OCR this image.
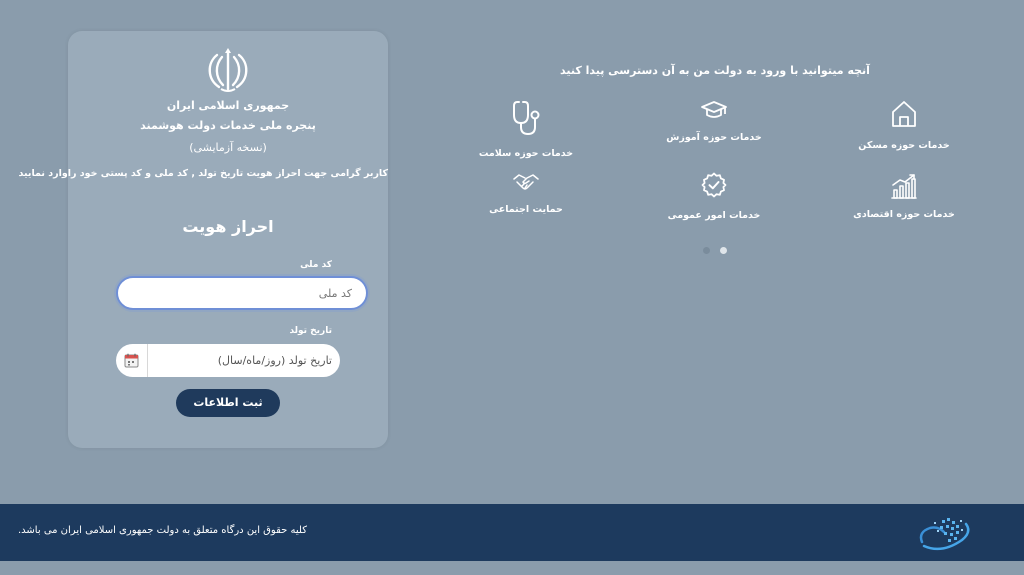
جمهوری اسلامی ایران
پنجره ملی خدمات دولت هوشمند
(نسخه آزمایشی)
کاربر گرامی جهت احراز هویت تاریخ تولد , کد ملی و کد پستی خود راوارد نمایید
احراز هویت
کد ملی
کد ملی
تاریخ تولد
تاریخ تولد (روز/ماه/سال)
ثبت اطلاعات
آنچه میتوانید با ورود به دولت من به آن دسترسی پیدا کنید
خدمات حوزه سلامت
خدمات حوزه آموزش
خدمات حوزه مسکن
حمایت اجتماعی
خدمات امور عمومی	خدمات حوزه اقتصادی
کلیه حقوق این درگاه متعلق به دولت جمهوری اسلامی ایران می باشد.
